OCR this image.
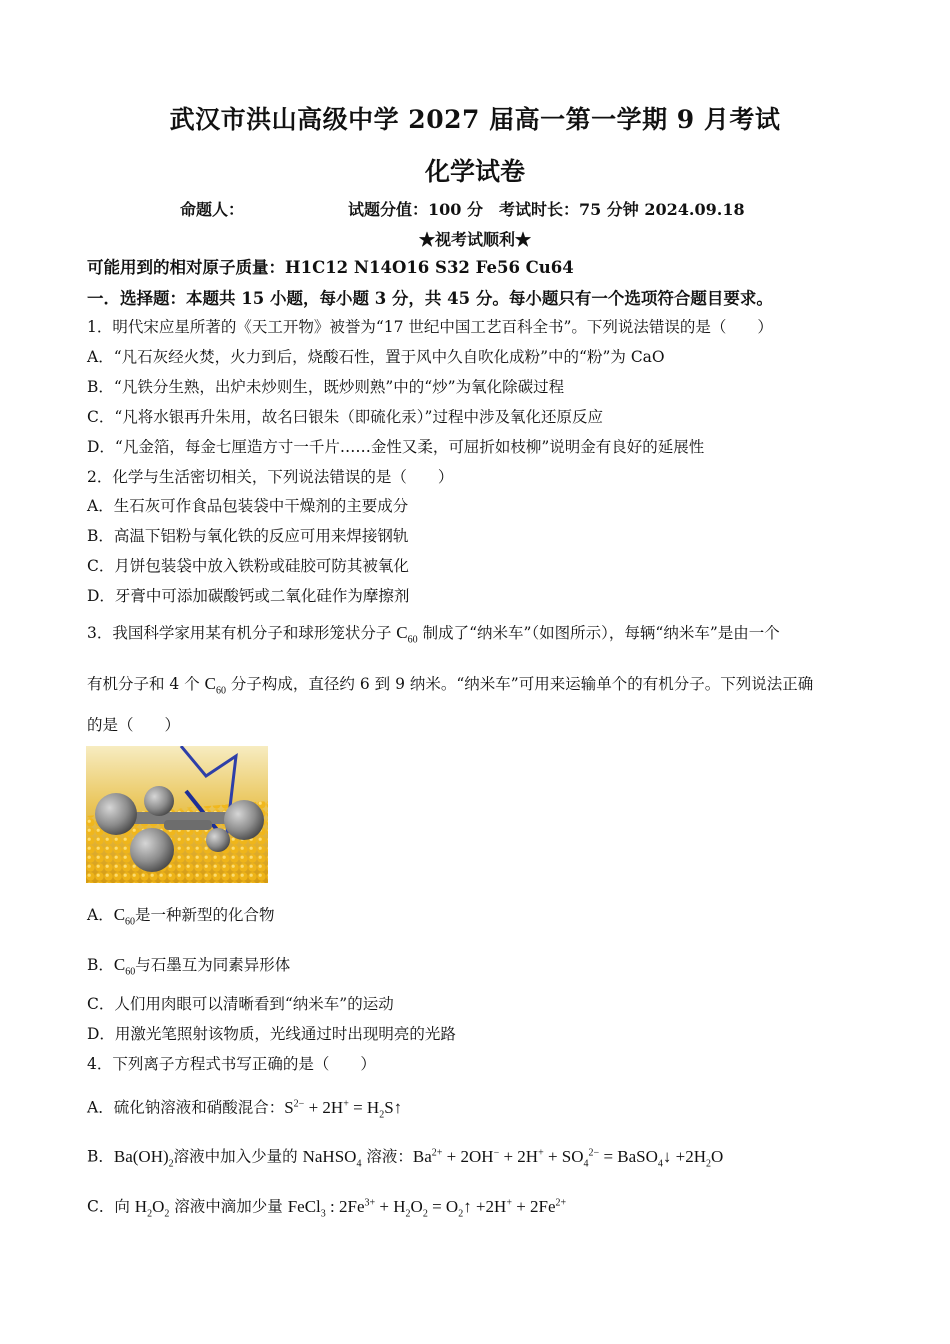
武汉市洪山高级中学 2027 届高一第一学期 9 月考试
化学试卷
命题人：	试题分值：100 分　考试时长：75 分钟 2024.09.18
★视考试顺利★
可能用到的相对原子质量：H1C12 N14O16 S32 Fe56 Cu64
一．选择题：本题共 15 小题，每小题 3 分，共 45 分。每小题只有一个选项符合题目要求。
1．明代宋应星所著的《天工开物》被誉为“17 世纪中国工艺百科全书”。下列说法错误的是（　　）
A．“凡石灰经火焚，火力到后，烧酸石性，置于风中久自吹化成粉”中的“粉”为 CaO
B．“凡铁分生熟，出炉未炒则生，既炒则熟”中的“炒”为氧化除碳过程
C．“凡将水银再升朱用，故名曰银朱（即硫化汞）”过程中涉及氧化还原反应
D．“凡金箔，每金七厘造方寸一千片……金性又柔，可屈折如枝柳”说明金有良好的延展性
2．化学与生活密切相关，下列说法错误的是（　　）
A．生石灰可作食品包装袋中干燥剂的主要成分
B．高温下铝粉与氧化铁的反应可用来焊接钢轨
C．月饼包装袋中放入铁粉或硅胶可防其被氧化
D．牙膏中可添加碳酸钙或二氧化硅作为摩擦剂
3．我国科学家用某有机分子和球形笼状分子 $C_{60}$ 制成了“纳米车”（如图所示），每辆“纳米车”是由一个
有机分子和 4 个 $C_{60}$ 分子构成，直径约 6 到 9 纳米。“纳米车”可用来运输单个的有机分子。下列说法正确
的是（　　）
A．$C_{60}$是一种新型的化合物
B．$C_{60}$与石墨互为同素异形体
C．人们用肉眼可以清晰看到“纳米车”的运动
D．用激光笔照射该物质，光线通过时出现明亮的光路
4．下列离子方程式书写正确的是（　　）
A．硫化钠溶液和硝酸混合：$S^{2-} + 2H^+$ = $H_2S↑$
B．$Ba(OH)_2$溶液中加入少量的 NaHSO$_4$ 溶液：$Ba^{2+} + 2OH^- + 2H^+ + SO_4^{2-}$ = BaSO$_4$↓ $+2H_2O$
C．向 $H_2O_2$ 溶液中滴加少量 FeCl$_3$ : $2Fe^{3+} + H_2O_2$ = $O_2↑ +2H^+ + 2Fe^{2+}$
